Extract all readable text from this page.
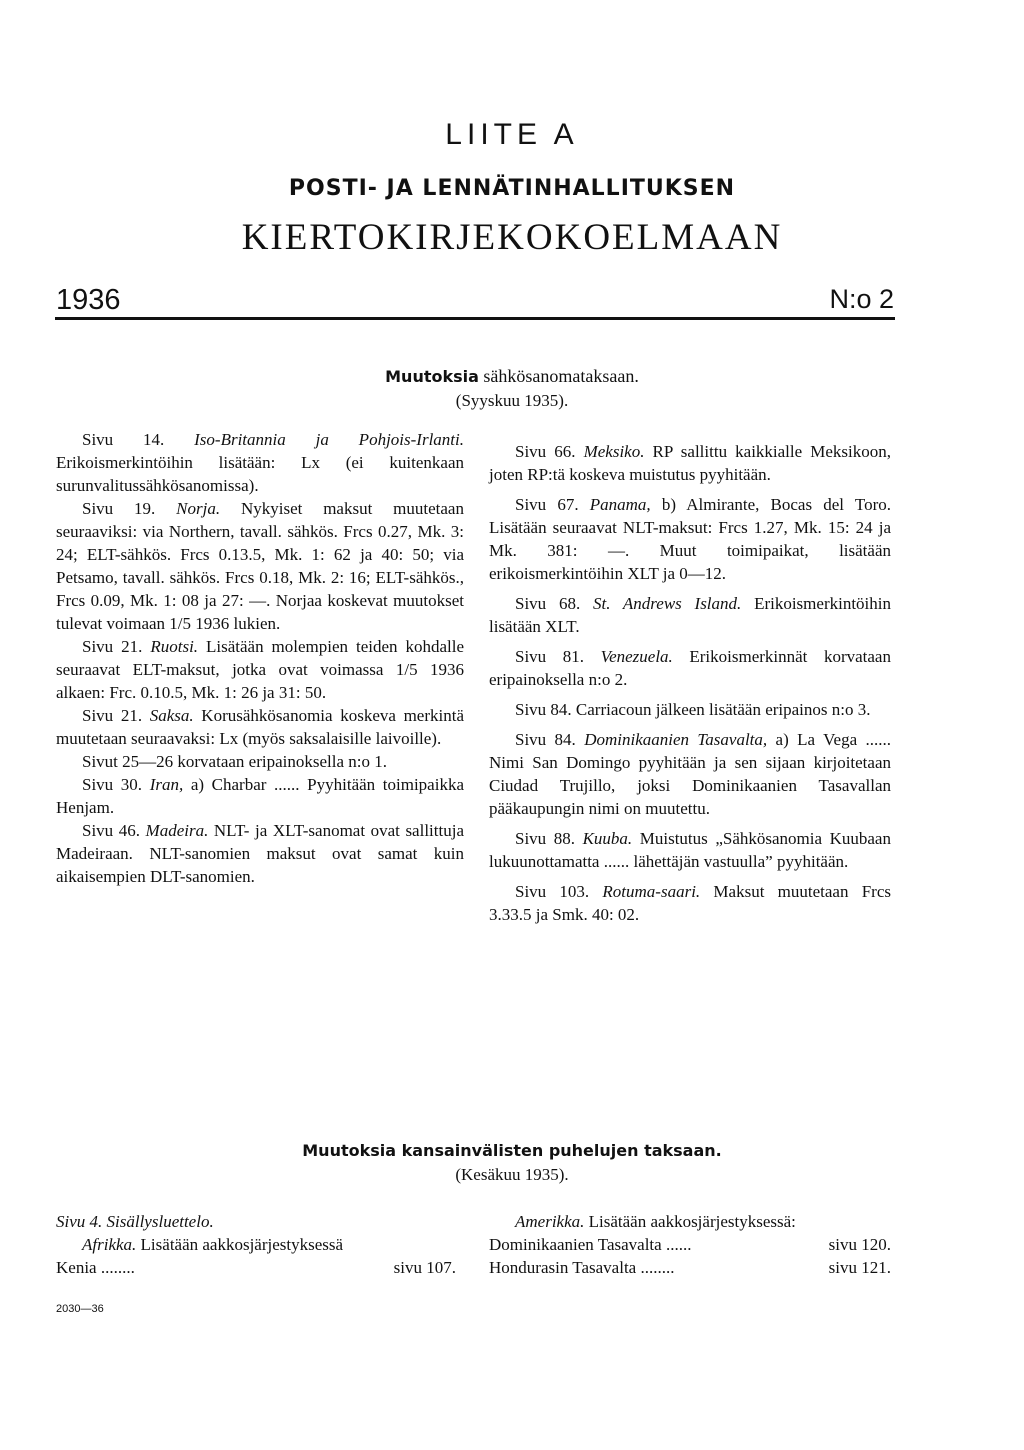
LIITE A
POSTI- JA LENNÄTINHALLITUKSEN
KIERTOKIRJEKOKOELMAAN
1936	N:o 2
Muutoksia sähkösanomataksaan.
(Syyskuu 1935).

Sivu 14. Iso-Britannia ja Pohjois-Irlanti. Erikoismerkintöihin lisätään: Lx (ei kuitenkaan surunvalitussähkösanomissa).

Sivu 19. Norja. Nykyiset maksut muutetaan seuraaviksi: via Northern, tavall. sähkös. Frcs 0.27, Mk. 3: 24; ELT-sähkös. Frcs 0.13.5, Mk. 1: 62 ja 40: 50; via Petsamo, tavall. sähkös. Frcs 0.18, Mk. 2: 16; ELT-sähkös., Frcs 0.09, Mk. 1: 08 ja 27: —. Norjaa koskevat muutokset tulevat voimaan 1/5 1936 lukien.

Sivu 21. Ruotsi. Lisätään molempien teiden kohdalle seuraavat ELT-maksut, jotka ovat voimassa 1/5 1936 alkaen: Frc. 0.10.5, Mk. 1: 26 ja 31: 50.

Sivu 21. Saksa. Korusähkösanomia koskeva merkintä muutetaan seuraavaksi: Lx (myös saksalaisille laivoille).

Sivut 25—26 korvataan eripainoksella n:o 1.

Sivu 30. Iran, a) Charbar ...... Pyyhitään toimipaikka Henjam.

Sivu 46. Madeira. NLT- ja XLT-sanomat ovat sallittuja Madeiraan. NLT-sanomien maksut ovat samat kuin aikaisempien DLT-sanomien.

Sivu 66. Meksiko. RP sallittu kaikkialle Meksikoon, joten RP:tä koskeva muistutus pyyhitään.

Sivu 67. Panama, b) Almirante, Bocas del Toro. Lisätään seuraavat NLT-maksut: Frcs 1.27, Mk. 15: 24 ja Mk. 381: —. Muut toimipaikat, lisätään erikoismerkintöihin XLT ja 0—12.

Sivu 68. St. Andrews Island. Erikoismerkintöihin lisätään XLT.

Sivu 81. Venezuela. Erikoismerkinnät korvataan eripainoksella n:o 2.

Sivu 84. Carriacoun jälkeen lisätään eripainos n:o 3.

Sivu 84. Dominikaanien Tasavalta, a) La Vega ...... Nimi San Domingo pyyhitään ja sen sijaan kirjoitetaan Ciudad Trujillo, joksi Dominikaanien Tasavallan pääkaupungin nimi on muutettu.

Sivu 88. Kuuba. Muistutus „Sähkösanomia Kuubaan lukuunottamatta ...... lähettäjän vastuulla” pyyhitään.

Sivu 103. Rotuma-saari. Maksut muutetaan Frcs 3.33.5 ja Smk. 40: 02.

Muutoksia kansainvälisten puhelujen taksaan.
(Kesäkuu 1935).
Sivu 4. Sisällysluettelo.
Afrikka. Lisätään aakkosjärjestyksessä
Kenia ........	sivu 107.
Amerikka. Lisätään aakkosjärjestyksessä:
Dominikaanien Tasavalta ......	sivu 120.
Hondurasin Tasavalta ........	sivu 121.
2030—36
